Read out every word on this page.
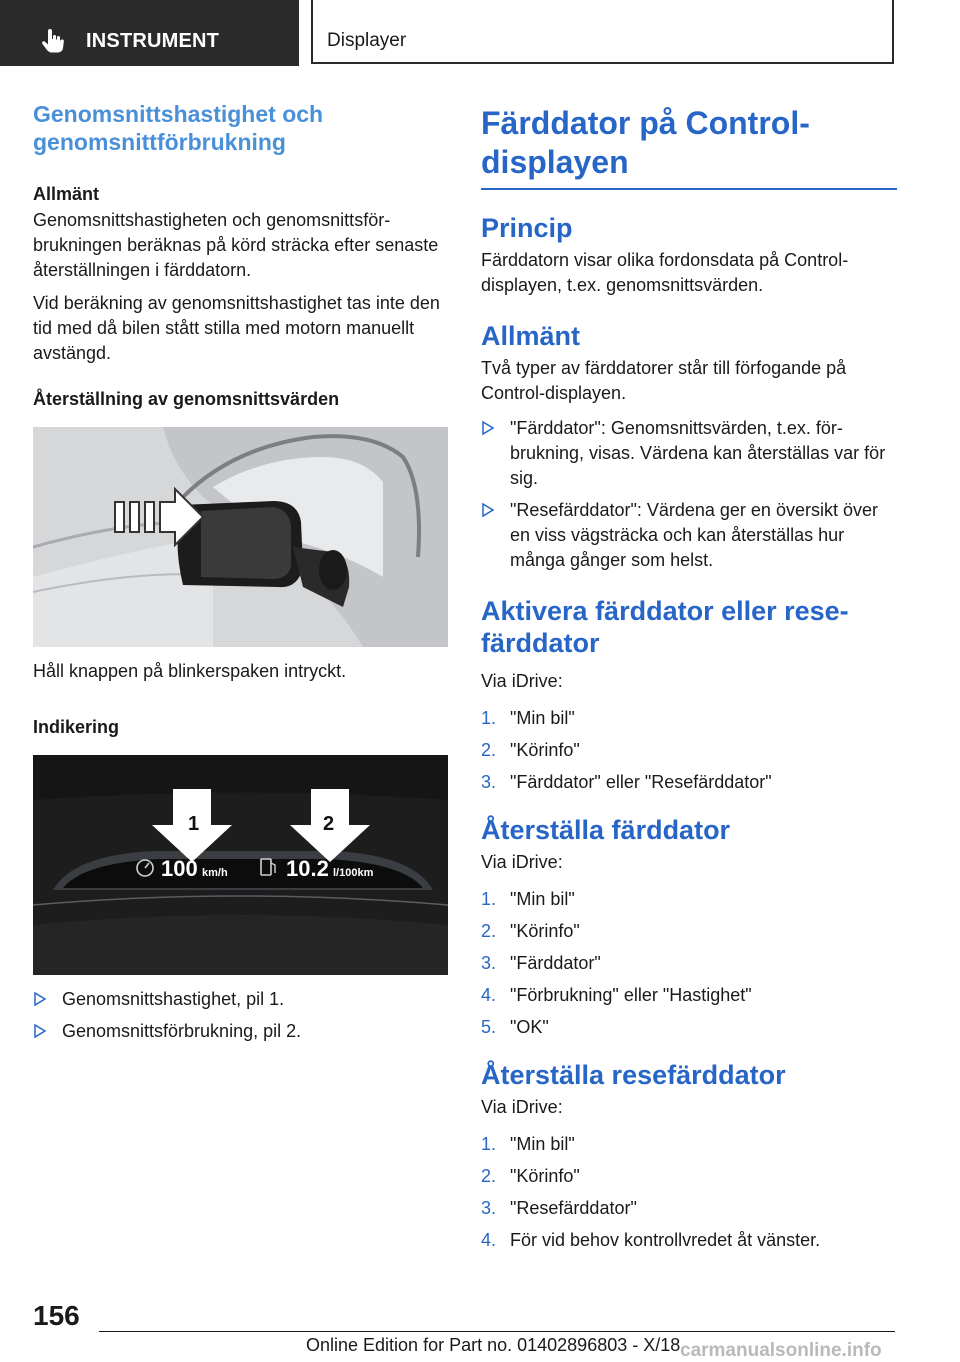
INSTRUMENT	Displayer
Genomsnittshastighet och
genomsnittförbrukning
Allmänt

Genomsnittshastigheten och genomsnittsförbrukningen beräknas på körd sträcka efter senaste återställningen i färddatorn.

Vid beräkning av genomsnittshastighet tas inte den tid med då bilen stått stilla med motorn manuellt avstängd.

Återställning av genomsnittsvärden

Håll knappen på blinkerspaken intryckt.

Indikering
1	2
100 km/h	10.2 l/100km
Genomsnittshastighet, pil 1.
Genomsnittsförbrukning, pil 2.
Färddator på Control-
displayen
Princip

Färddatorn visar olika fordonsdata på Control-displayen, t.ex. genomsnittsvärden.

Allmänt

Två typer av färddatorer står till förfogande på Control-displayen.

"Färddator": Genomsnittsvärden, t.ex. förbrukning, visas. Värdena kan återställas var för sig.
"Resefärddator": Värdena ger en översikt över en viss vägsträcka och kan återställas hur många gånger som helst.
Aktivera färddator eller rese-
färddator

Via iDrive:

1. "Min bil"
2. "Körinfo"
3. "Färddator" eller "Resefärddator"
Återställa färddator

Via iDrive:

1. "Min bil"
2. "Körinfo"
3. "Färddator"
4. "Förbrukning" eller "Hastighet"
5. "OK"
Återställa resefärddator

Via iDrive:

1. "Min bil"
2. "Körinfo"
3. "Resefärddator"
4. För vid behov kontrollvredet åt vänster.
156
Online Edition for Part no. 01402896803 - X/18 carmanualsonline.info
